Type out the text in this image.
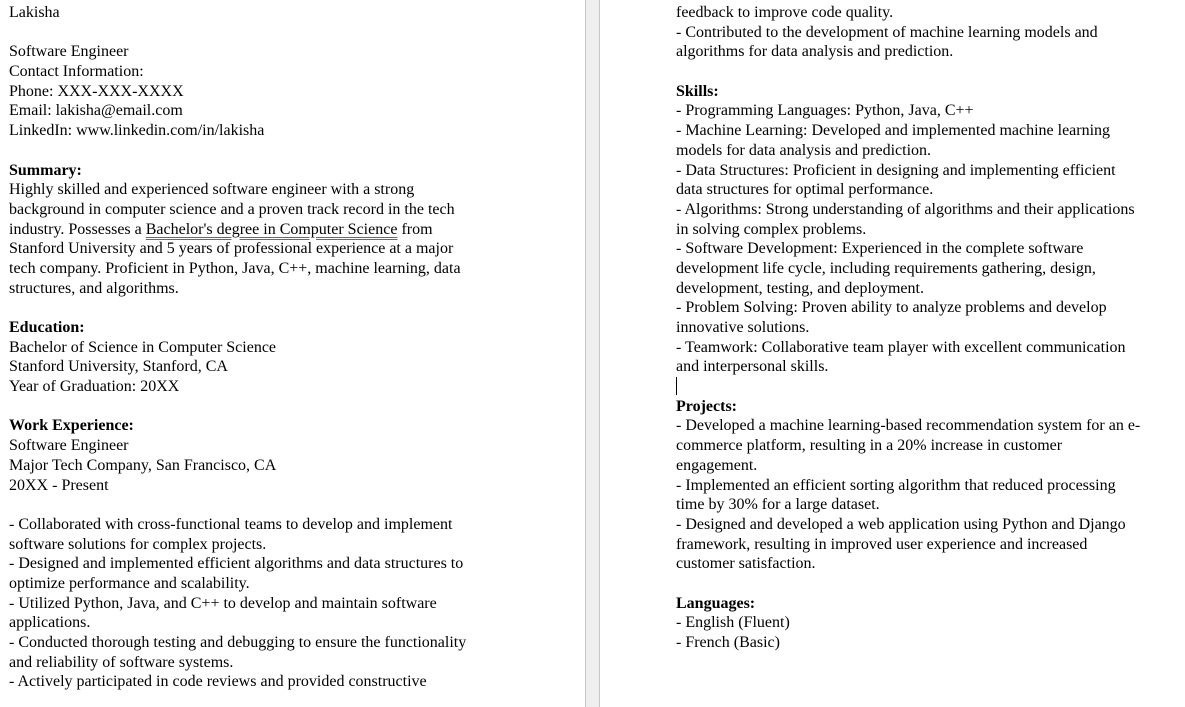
Lakisha
Software Engineer
Contact Information:
Phone: XXX-XXX-XXXX
Email: lakisha@email.com
LinkedIn: www.linkedin.com/in/lakisha
Summary:
Highly skilled and experienced software engineer with a strong
background in computer science and a proven track record in the tech
industry. Possesses a Bachelor's degree in Computer Science from
Stanford University and 5 years of professional experience at a major
tech company. Proficient in Python, Java, C++, machine learning, data
structures, and algorithms.
Education:
Bachelor of Science in Computer Science
Stanford University, Stanford, CA
Year of Graduation: 20XX
Work Experience:
Software Engineer
Major Tech Company, San Francisco, CA
20XX - Present
- Collaborated with cross-functional teams to develop and implement
software solutions for complex projects.
- Designed and implemented efficient algorithms and data structures to
optimize performance and scalability.
- Utilized Python, Java, and C++ to develop and maintain software
applications.
- Conducted thorough testing and debugging to ensure the functionality
and reliability of software systems.
- Actively participated in code reviews and provided constructive
feedback to improve code quality.
- Contributed to the development of machine learning models and
algorithms for data analysis and prediction.
Skills:
- Programming Languages: Python, Java, C++
- Machine Learning: Developed and implemented machine learning
models for data analysis and prediction.
- Data Structures: Proficient in designing and implementing efficient
data structures for optimal performance.
- Algorithms: Strong understanding of algorithms and their applications
in solving complex problems.
- Software Development: Experienced in the complete software
development life cycle, including requirements gathering, design,
development, testing, and deployment.
- Problem Solving: Proven ability to analyze problems and develop
innovative solutions.
- Teamwork: Collaborative team player with excellent communication
and interpersonal skills.
Projects:
- Developed a machine learning-based recommendation system for an e-
commerce platform, resulting in a 20% increase in customer
engagement.
- Implemented an efficient sorting algorithm that reduced processing
time by 30% for a large dataset.
- Designed and developed a web application using Python and Django
framework, resulting in improved user experience and increased
customer satisfaction.
Languages:
- English (Fluent)
- French (Basic)
